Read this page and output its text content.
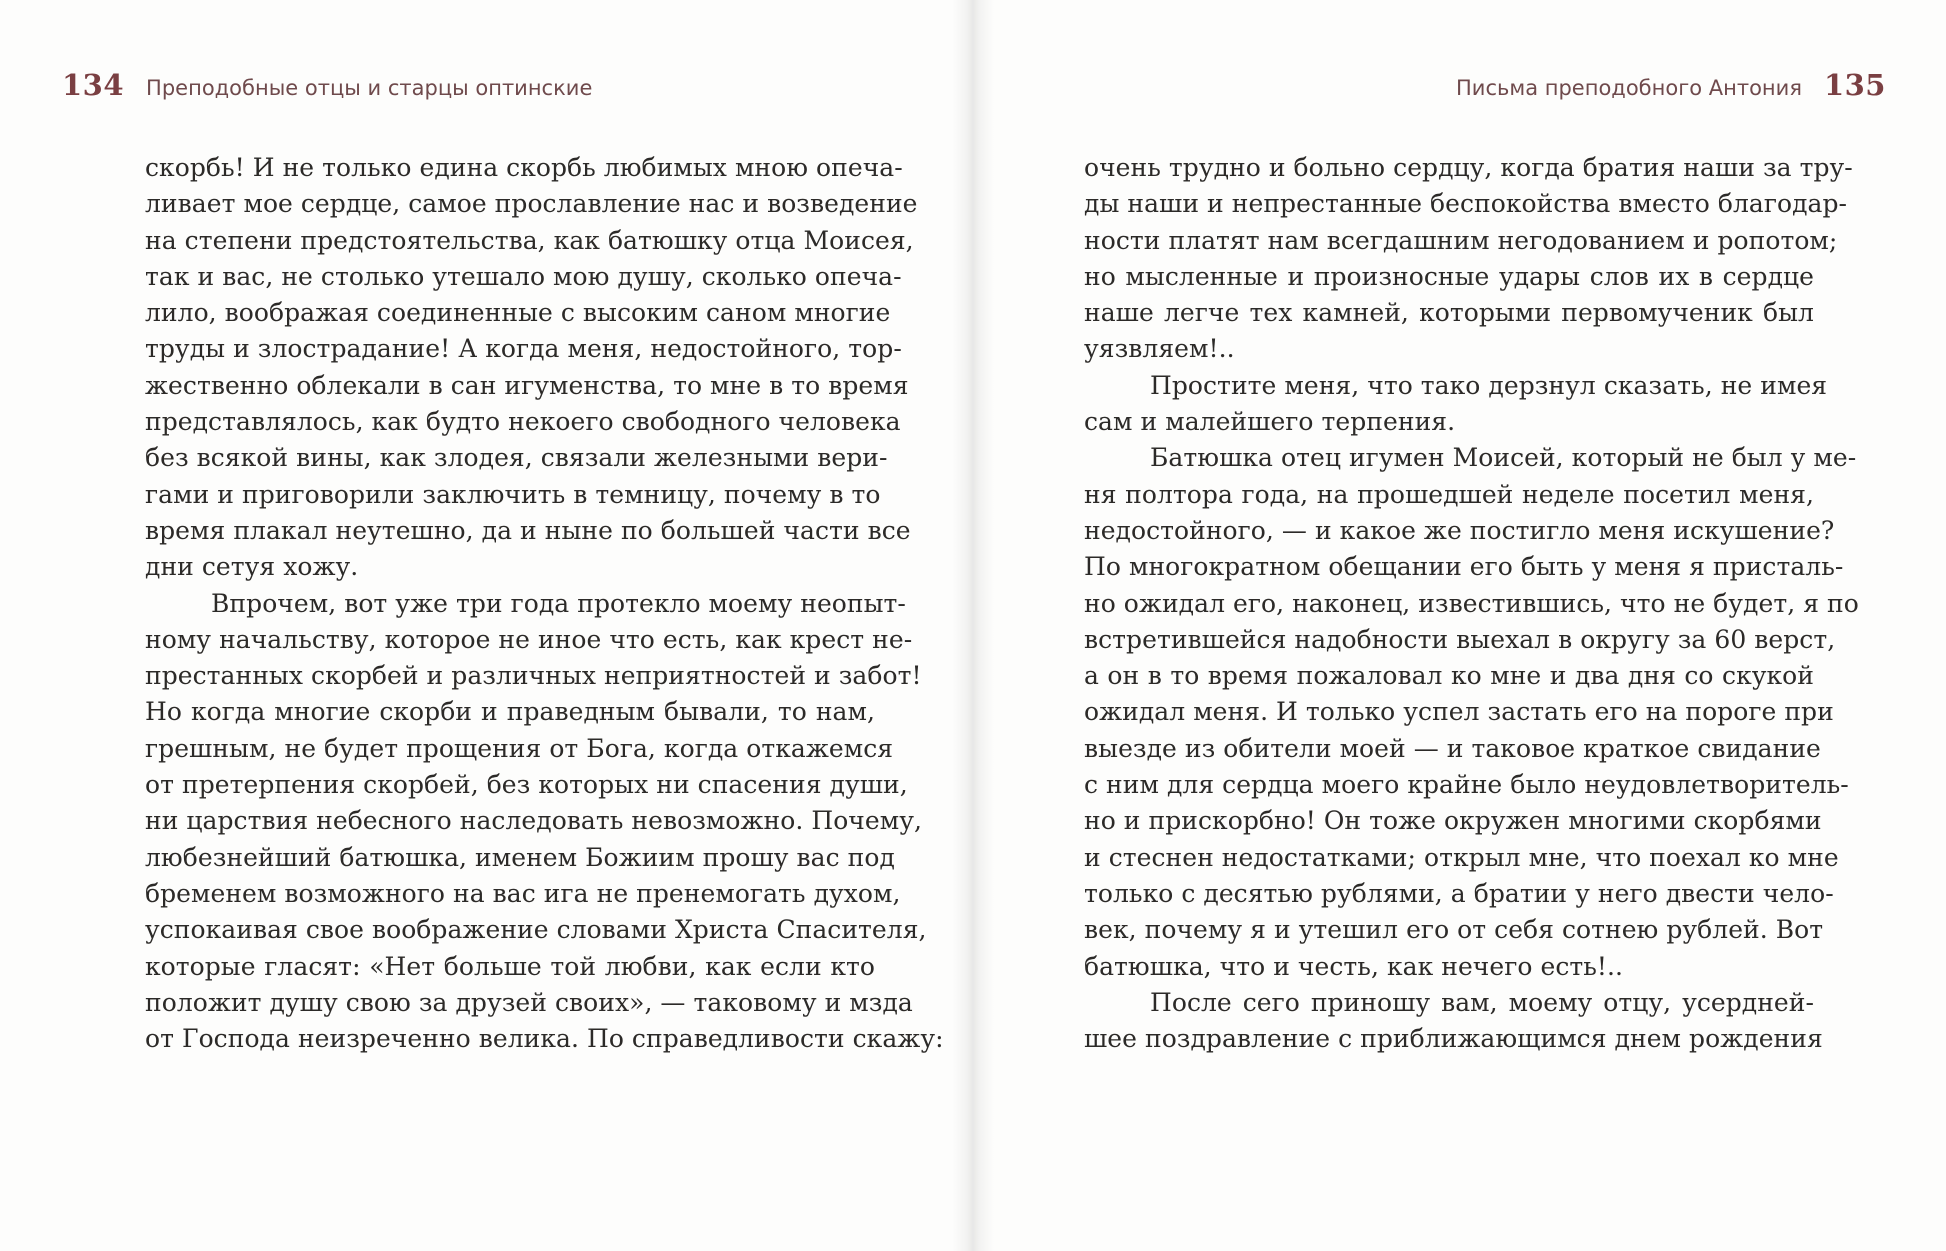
134 Преподобные отцы и старцы оптинские
скорбь! И не только едина скорбь любимых мною опеча-
ливает мое сердце, самое прославление нас и возведение
на степени предстоятельства, как батюшку отца Моисея,
так и вас, не столько утешало мою душу, сколько опеча-
лило, воображая соединенные с высоким саном многие
труды и злострадание! А когда меня, недостойного, тор-
жественно облекали в сан игуменства, то мне в то время
представлялось, как будто некоего свободного человека
без всякой вины, как злодея, связали железными вери-
гами и приговорили заключить в темницу, почему в то
время плакал неутешно, да и ныне по большей части все
дни сетуя хожу.
Впрочем, вот уже три года протекло моему неопыт-
ному начальству, которое не иное что есть, как крест не-
престанных скорбей и различных неприятностей и забот!
Но когда многие скорби и праведным бывали, то нам,
грешным, не будет прощения от Бога, когда откажемся
от претерпения скорбей, без которых ни спасения души,
ни царствия небесного наследовать невозможно. Почему,
любезнейший батюшка, именем Божиим прошу вас под
бременем возможного на вас ига не пренемогать духом,
успокаивая свое воображение словами Христа Спасителя,
которые гласят: «Нет больше той любви, как если кто
положит душу свою за друзей своих», — таковому и мзда
от Господа неизреченно велика. По справедливости скажу:
Письма преподобного Антония 135
очень трудно и больно сердцу, когда братия наши за тру-
ды наши и непрестанные беспокойства вместо благодар-
ности платят нам всегдашним негодованием и ропотом;
но мысленные и произносные удары слов их в сердце
наше легче тех камней, которыми первомученик был
уязвляем!..
Простите меня, что тако дерзнул сказать, не имея
сам и малейшего терпения.
Батюшка отец игумен Моисей, который не был у ме-
ня полтора года, на прошедшей неделе посетил меня,
недостойного, — и какое же постигло меня искушение?
По многократном обещании его быть у меня я присталь-
но ожидал его, наконец, известившись, что не будет, я по
встретившейся надобности выехал в округу за 60 верст,
а он в то время пожаловал ко мне и два дня со скукой
ожидал меня. И только успел застать его на пороге при
выезде из обители моей — и таковое краткое свидание
с ним для сердца моего крайне было неудовлетворитель-
но и прискорбно! Он тоже окружен многими скорбями
и стеснен недостатками; открыл мне, что поехал ко мне
только с десятью рублями, а братии у него двести чело-
век, почему я и утешил его от себя сотнею рублей. Вот
батюшка, что и честь, как нечего есть!..
После сего приношу вам, моему отцу, усердней-
шее поздравление с приближающимся днем рождения
